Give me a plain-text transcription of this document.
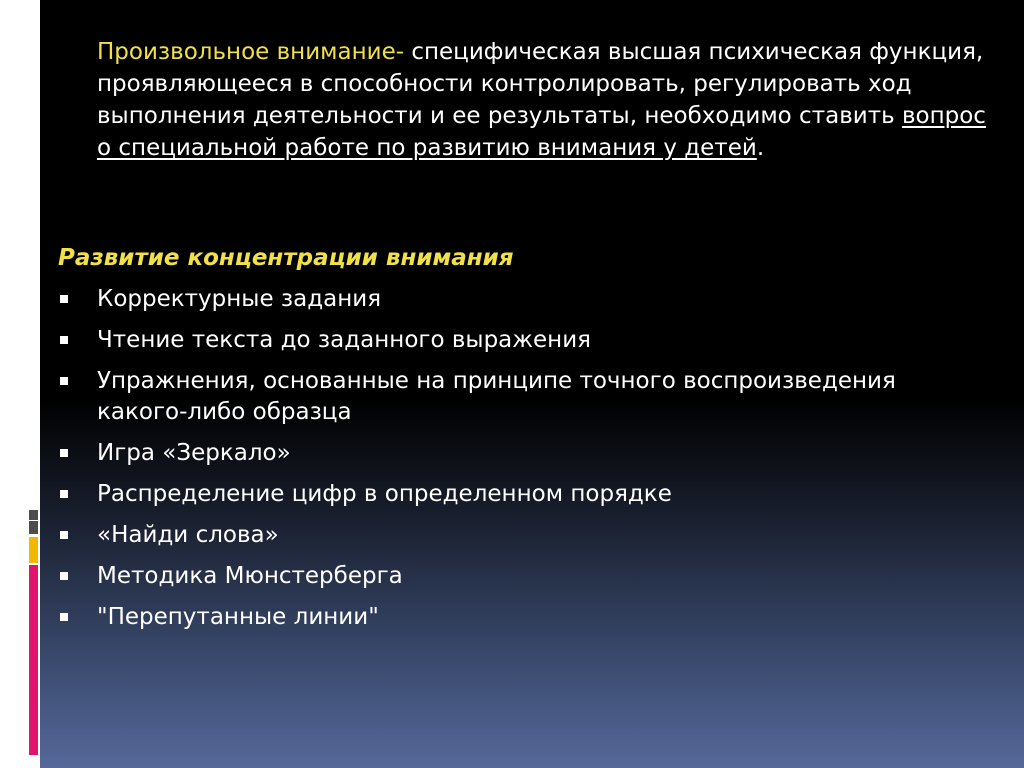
Произвольное внимание- специфическая высшая психическая функция, проявляющееся в способности контролировать, регулировать ход выполнения деятельности и ее результаты, необходимо ставить вопрос о специальной работе по развитию внимания у детей.
Развитие концентрации внимания
Корректурные задания
Чтение текста до заданного выражения
Упражнения, основанные на принципе точного воспроизведения какого-либо образца
Игра «Зеркало»
Распределение цифр в определенном порядке
«Найди слова»
Методика Мюнстерберга
"Перепутанные линии"
